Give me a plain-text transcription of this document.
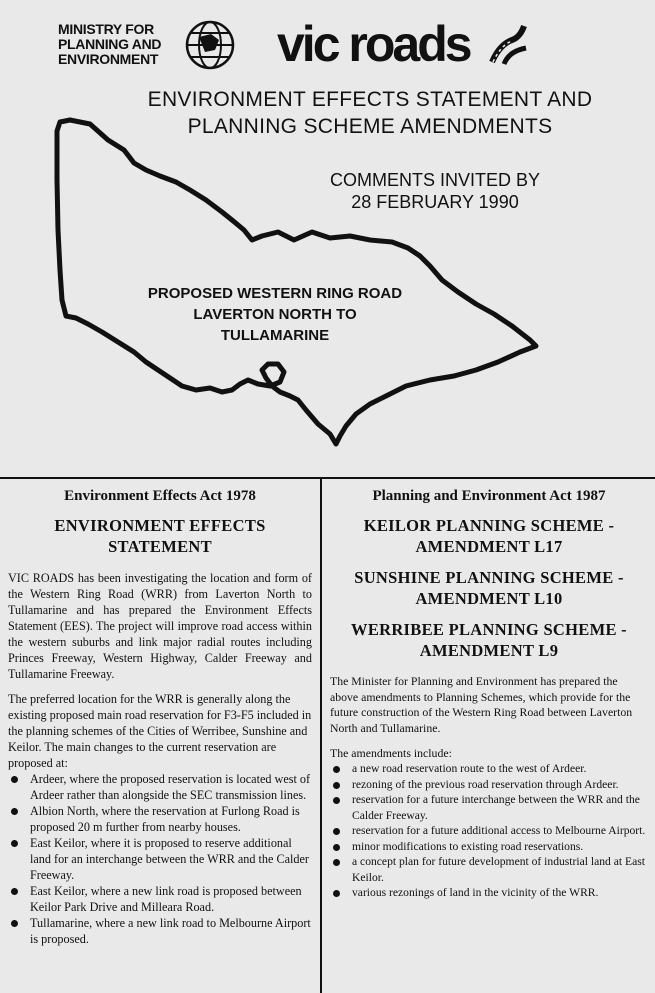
MINISTRY FOR
PLANNING AND
ENVIRONMENT vic roads
ENVIRONMENT EFFECTS STATEMENT AND
PLANNING SCHEME AMENDMENTS
COMMENTS INVITED BY
28 FEBRUARY 1990
PROPOSED WESTERN RING ROAD
LAVERTON NORTH TO
TULLAMARINE
Environment Effects Act 1978
ENVIRONMENT EFFECTS
STATEMENT

VIC ROADS has been investigating the location and form of the Western Ring Road (WRR) from Laverton North to Tullamarine and has prepared the Environment Effects Statement (EES). The project will improve road access within the western suburbs and link major radial routes including Princes Freeway, Western Highway, Calder Freeway and Tullamarine Freeway.

The preferred location for the WRR is generally along the existing proposed main road reservation for F3-F5 included in the planning schemes of the Cities of Werribee, Sunshine and Keilor. The main changes to the current reservation are proposed at:

Ardeer, where the proposed reservation is located west of Ardeer rather than alongside the SEC transmission lines.
Albion North, where the reservation at Furlong Road is proposed 20 m further from nearby houses.
East Keilor, where it is proposed to reserve additional land for an interchange between the WRR and the Calder Freeway.
East Keilor, where a new link road is proposed between Keilor Park Drive and Milleara Road.
Tullamarine, where a new link road to Melbourne Airport is proposed.
Planning and Environment Act 1987
KEILOR PLANNING SCHEME -
AMENDMENT L17
SUNSHINE PLANNING SCHEME -
AMENDMENT L10
WERRIBEE PLANNING SCHEME -
AMENDMENT L9

The Minister for Planning and Environment has prepared the above amendments to Planning Schemes, which provide for the future construction of the Western Ring Road between Laverton North and Tullamarine.

The amendments include:

a new road reservation route to the west of Ardeer.
rezoning of the previous road reservation through Ardeer.
reservation for a future interchange between the WRR and the Calder Freeway.
reservation for a future additional access to Melbourne Airport.
minor modifications to existing road reservations.
a concept plan for future development of industrial land at East Keilor.
various rezonings of land in the vicinity of the WRR.
